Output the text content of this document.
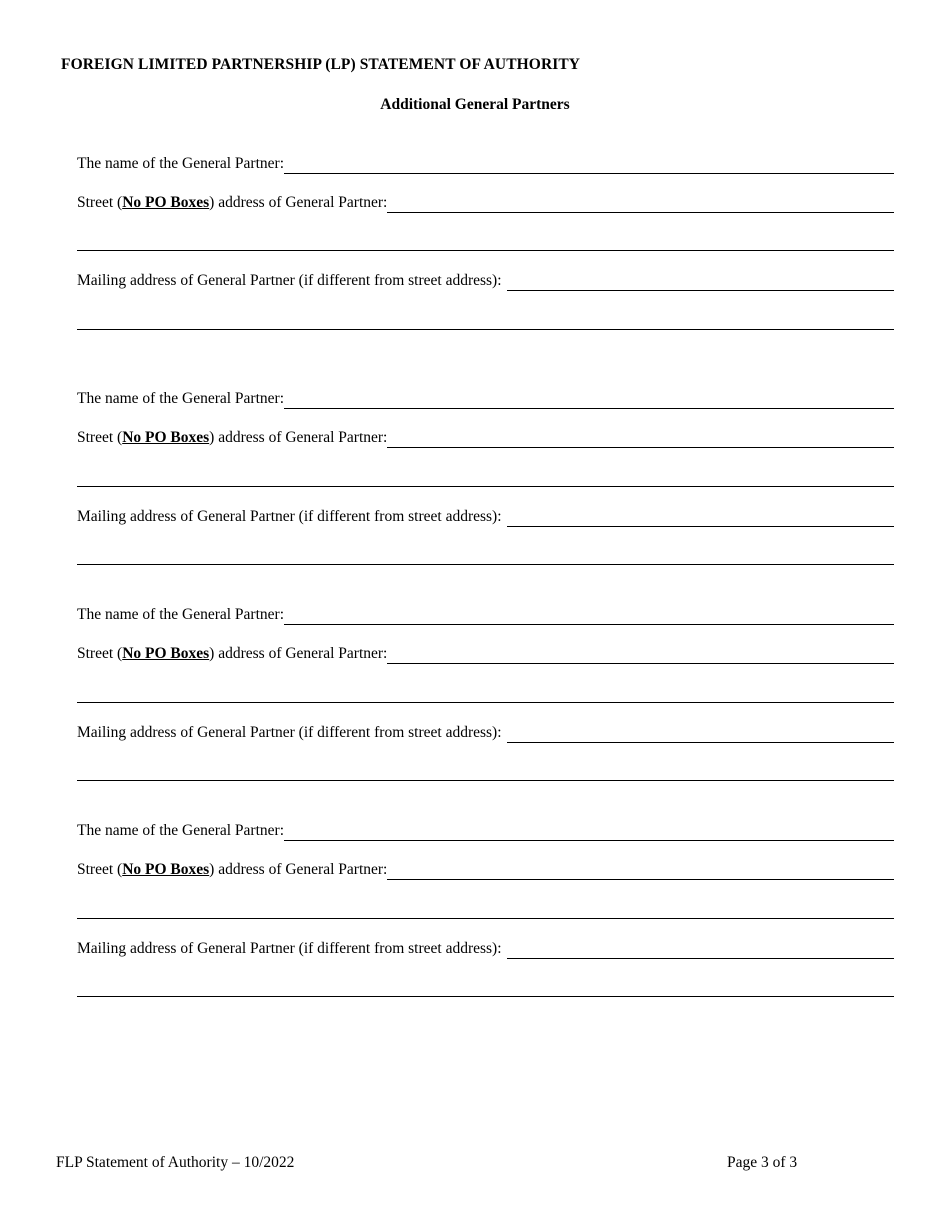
FOREIGN LIMITED PARTNERSHIP (LP) STATEMENT OF AUTHORITY
Additional General Partners
The name of the General Partner:
Street (No PO Boxes) address of General Partner:
Mailing address of General Partner (if different from street address):
The name of the General Partner:
Street (No PO Boxes) address of General Partner:
Mailing address of General Partner (if different from street address):
The name of the General Partner:
Street (No PO Boxes) address of General Partner:
Mailing address of General Partner (if different from street address):
The name of the General Partner:
Street (No PO Boxes) address of General Partner:
Mailing address of General Partner (if different from street address):
FLP Statement of Authority – 10/2022	Page 3 of 3
